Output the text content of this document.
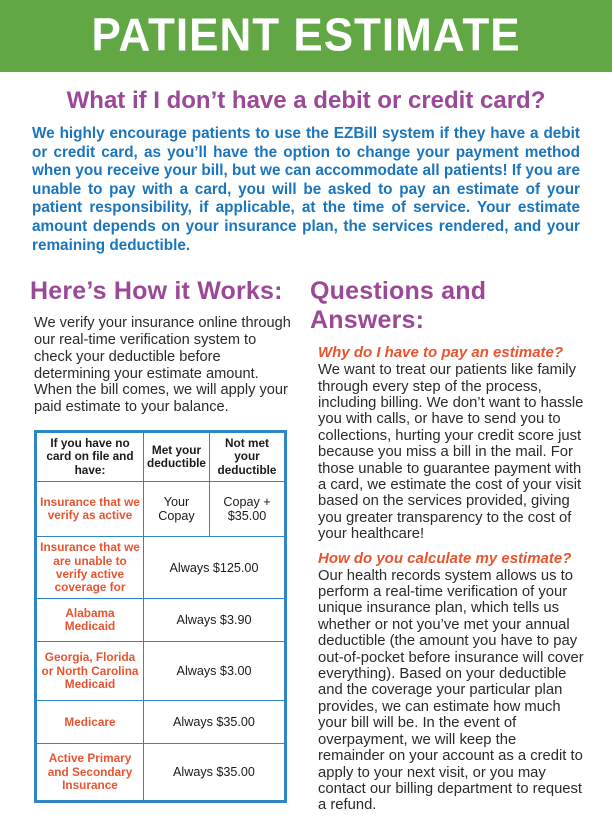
PATIENT ESTIMATE
What if I don’t have a debit or credit card?

We highly encourage patients to use the EZBill system if they have a debit or credit card, as you’ll have the option to change your payment method when you receive your bill, but we can accommodate all patients! If you are unable to pay with a card, you will be asked to pay an estimate of your patient responsibility, if applicable, at the time of service. Your estimate amount depends on your insurance plan, the services rendered, and your remaining deductible.

Here’s How it Works:

We verify your insurance online through our real-time verification system to check your deductible before determining your estimate amount. When the bill comes, we will apply your paid estimate to your balance.

If you have no card on file and have:	Met your deductible	Not met your deductible
Insurance that we verify as active	Your Copay	Copay + $35.00
Insurance that we are unable to verify active coverage for	Always $125.00	
Alabama Medicaid	Always $3.90	
Georgia, Florida or North Carolina Medicaid	Always $3.00	
Medicare	Always $35.00	
Active Primary and Secondary Insurance	Always $35.00	
Questions and Answers:

Why do I have to pay an estimate?

We want to treat our patients like family through every step of the process, including billing. We don’t want to hassle you with calls, or have to send you to collections, hurting your credit score just because you miss a bill in the mail. For those unable to guarantee payment with a card, we estimate the cost of your visit based on the services provided, giving you greater transparency to the cost of your healthcare!

How do you calculate my estimate?

Our health records system allows us to perform a real-time verification of your unique insurance plan, which tells us whether or not you’ve met your annual deductible (the amount you have to pay out-of-pocket before insurance will cover everything). Based on your deductible and the coverage your particular plan provides, we can estimate how much your bill will be. In the event of overpayment, we will keep the remainder on your account as a credit to apply to your next visit, or you may contact our billing department to request a refund.
